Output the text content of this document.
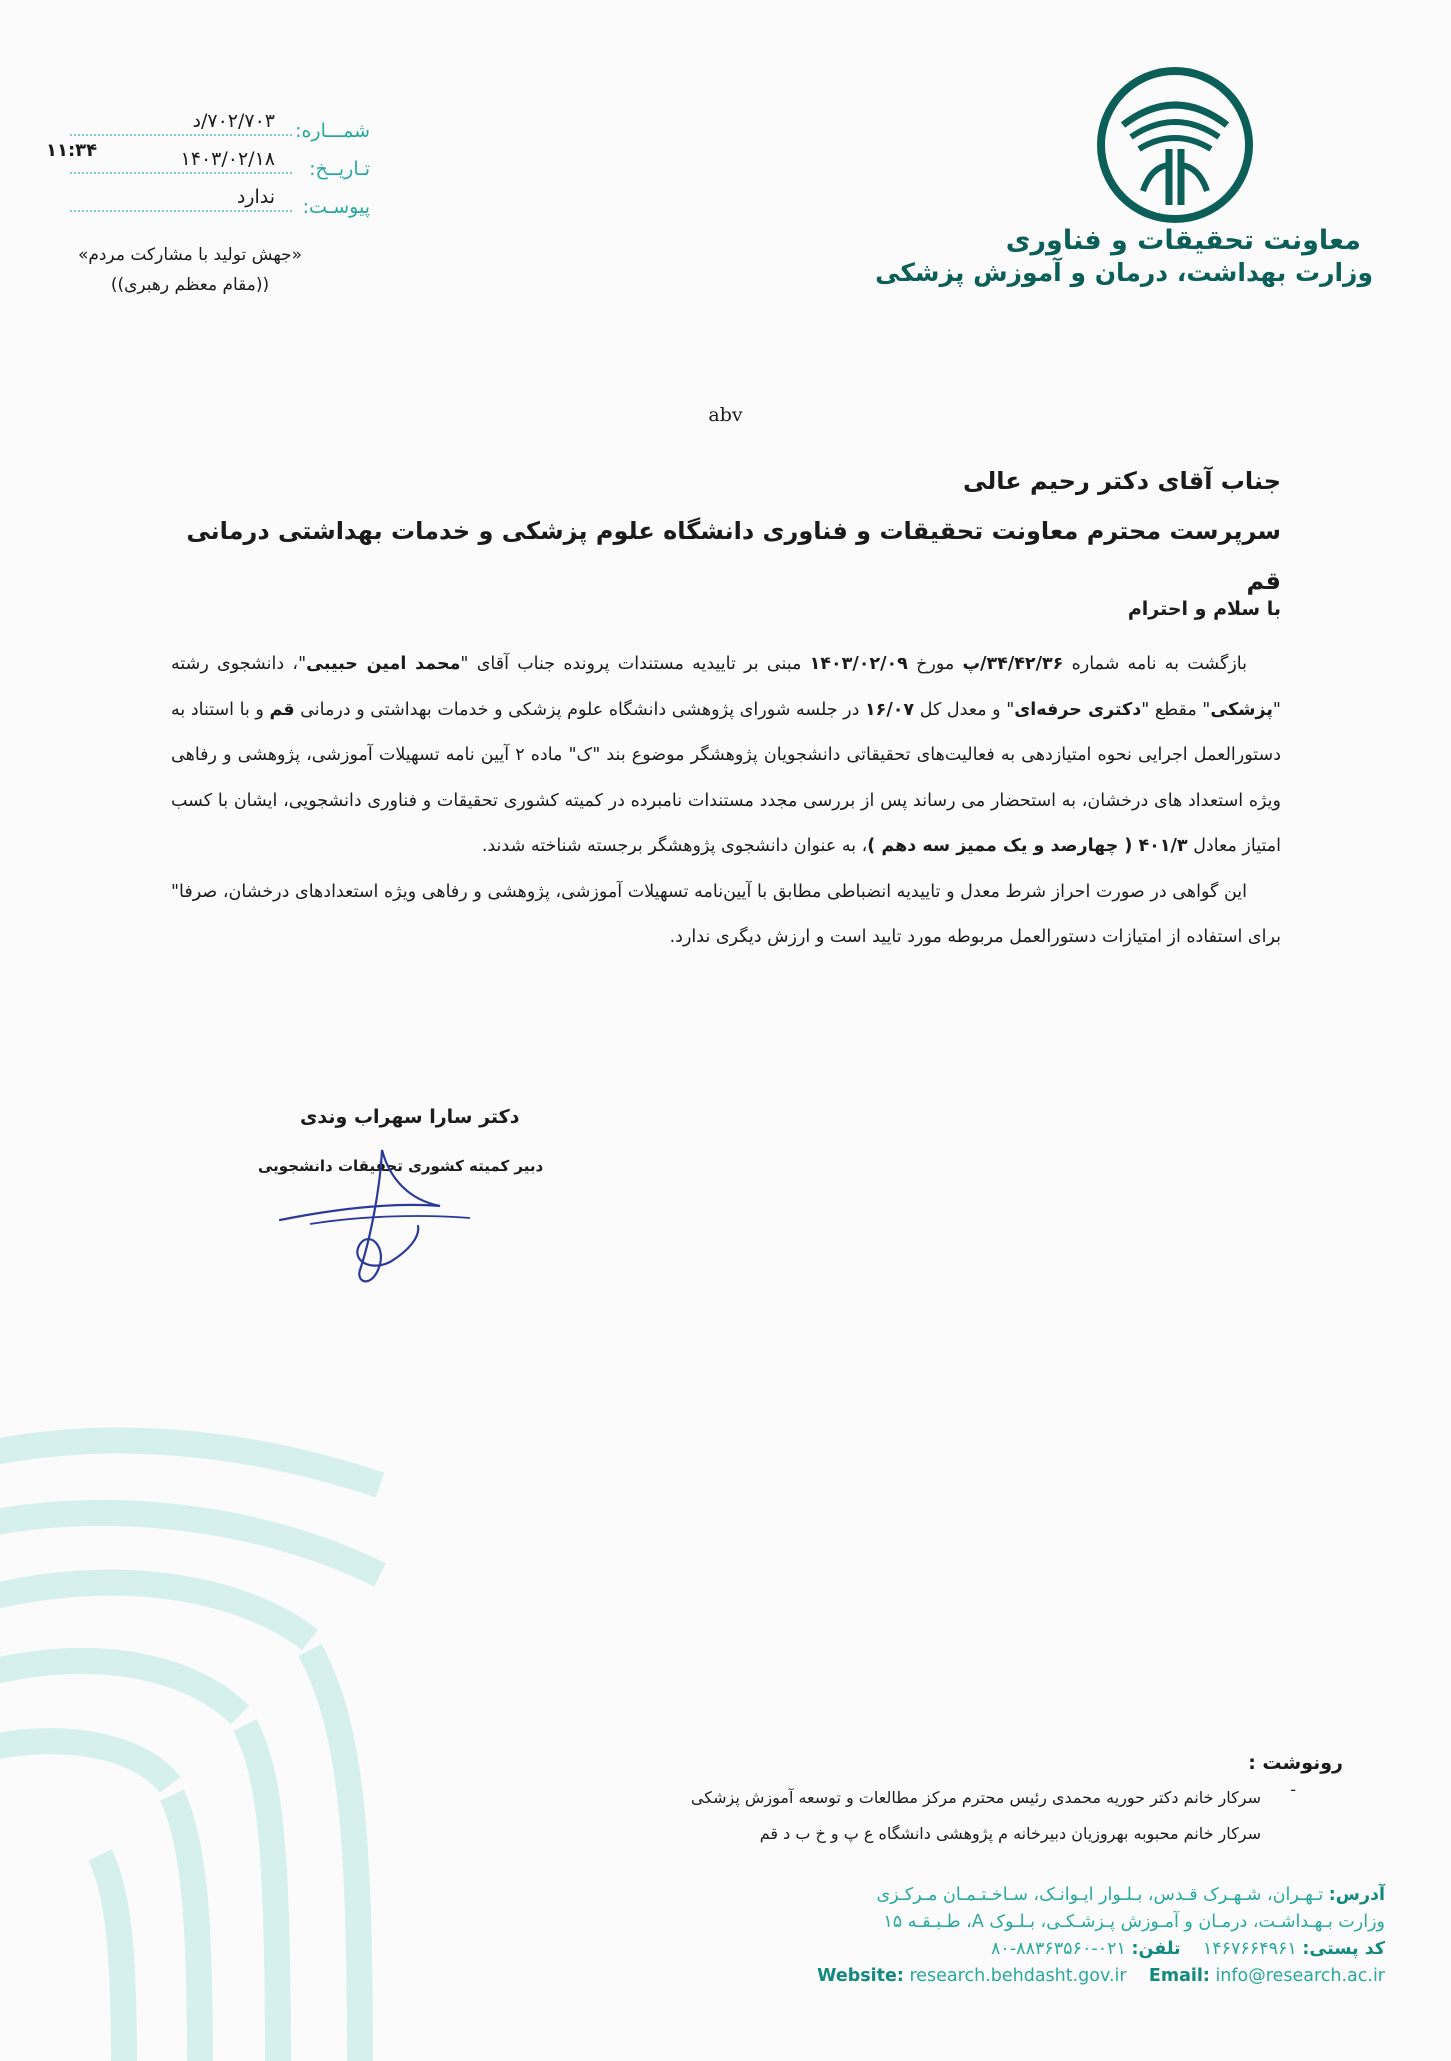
معاونت تحقیقات و فناوری
وزارت بهداشت، درمان و آموزش پزشکی
شمـــاره:
۷۰۲/۷۰۳/د
تـاریــخ:
۱۴۰۳/۰۲/۱۸
۱۱:۳۴
پیوسـت:
ندارد
«جهش تولید با مشارکت مردم»
((مقام معظم رهبری))
abv
جناب آقای دکتر رحیم عالی
سرپرست محترم معاونت تحقیقات و فناوری دانشگاه علوم پزشکی و خدمات بهداشتی درمانی قم
با سلام و احترام

بازگشت به نامه شماره ۳۴/۴۲/۳۶/پ مورخ ۱۴۰۳/۰۲/۰۹ مبنی بر تاییدیه مستندات پرونده جناب آقای "محمد امین حبیبی"، دانشجوی رشته "پزشکی" مقطع "دکتری حرفه‌ای" و معدل کل ۱۶/۰۷ در جلسه شورای پژوهشی دانشگاه علوم پزشکی و خدمات بهداشتی و درمانی قم و با استناد به دستورالعمل اجرایی نحوه امتیازدهی به فعالیت‌های تحقیقاتی دانشجویان پژوهشگر موضوع بند "ک" ماده ۲ آیین نامه تسهیلات آموزشی، پژوهشی و رفاهی ویژه استعداد های درخشان، به استحضار می رساند پس از بررسی مجدد مستندات نامبرده در کمیته کشوری تحقیقات و فناوری دانشجویی، ایشان با کسب امتیاز معادل ۴۰۱/۳ ( چهارصد و یک ممیز سه دهم )، به عنوان دانشجوی پژوهشگر برجسته شناخته شدند.

این گواهی در صورت احراز شرط معدل و تاییدیه انضباطی مطابق با آیین‌نامه تسهیلات آموزشی، پژوهشی و رفاهی ویژه استعدادهای درخشان، صرفا" برای استفاده از امتیازات دستورالعمل مربوطه مورد تایید است و ارزش دیگری ندارد.

دکتر سارا سهراب وندی
دبیر کمیته کشوری تحقیقات دانشجویی
رونوشت :
-
سرکار خانم دکتر حوریه محمدی رئیس محترم مرکز مطالعات و توسعه آموزش پزشکی
سرکار خانم محبوبه بهروزیان دبیرخانه م پژوهشی دانشگاه ع پ و خ ب د قم
آدرس: تـهـران، شـهـرک قـدس، بـلـوار ایـوانـک، سـاخـتـمـان مـرکـزی
وزارت بـهـداشـت، درمـان و آمـوزش پـزشـکـی، بـلـوک A، طـبـقـه ۱۵
کد پستی: ۱۴۶۷۶۶۴۹۶۱    تلفن: ۰۲۱-۸۸۳۶۳۵۶۰-۸۰
Website: research.behdasht.gov.ir Email: info@research.ac.ir
